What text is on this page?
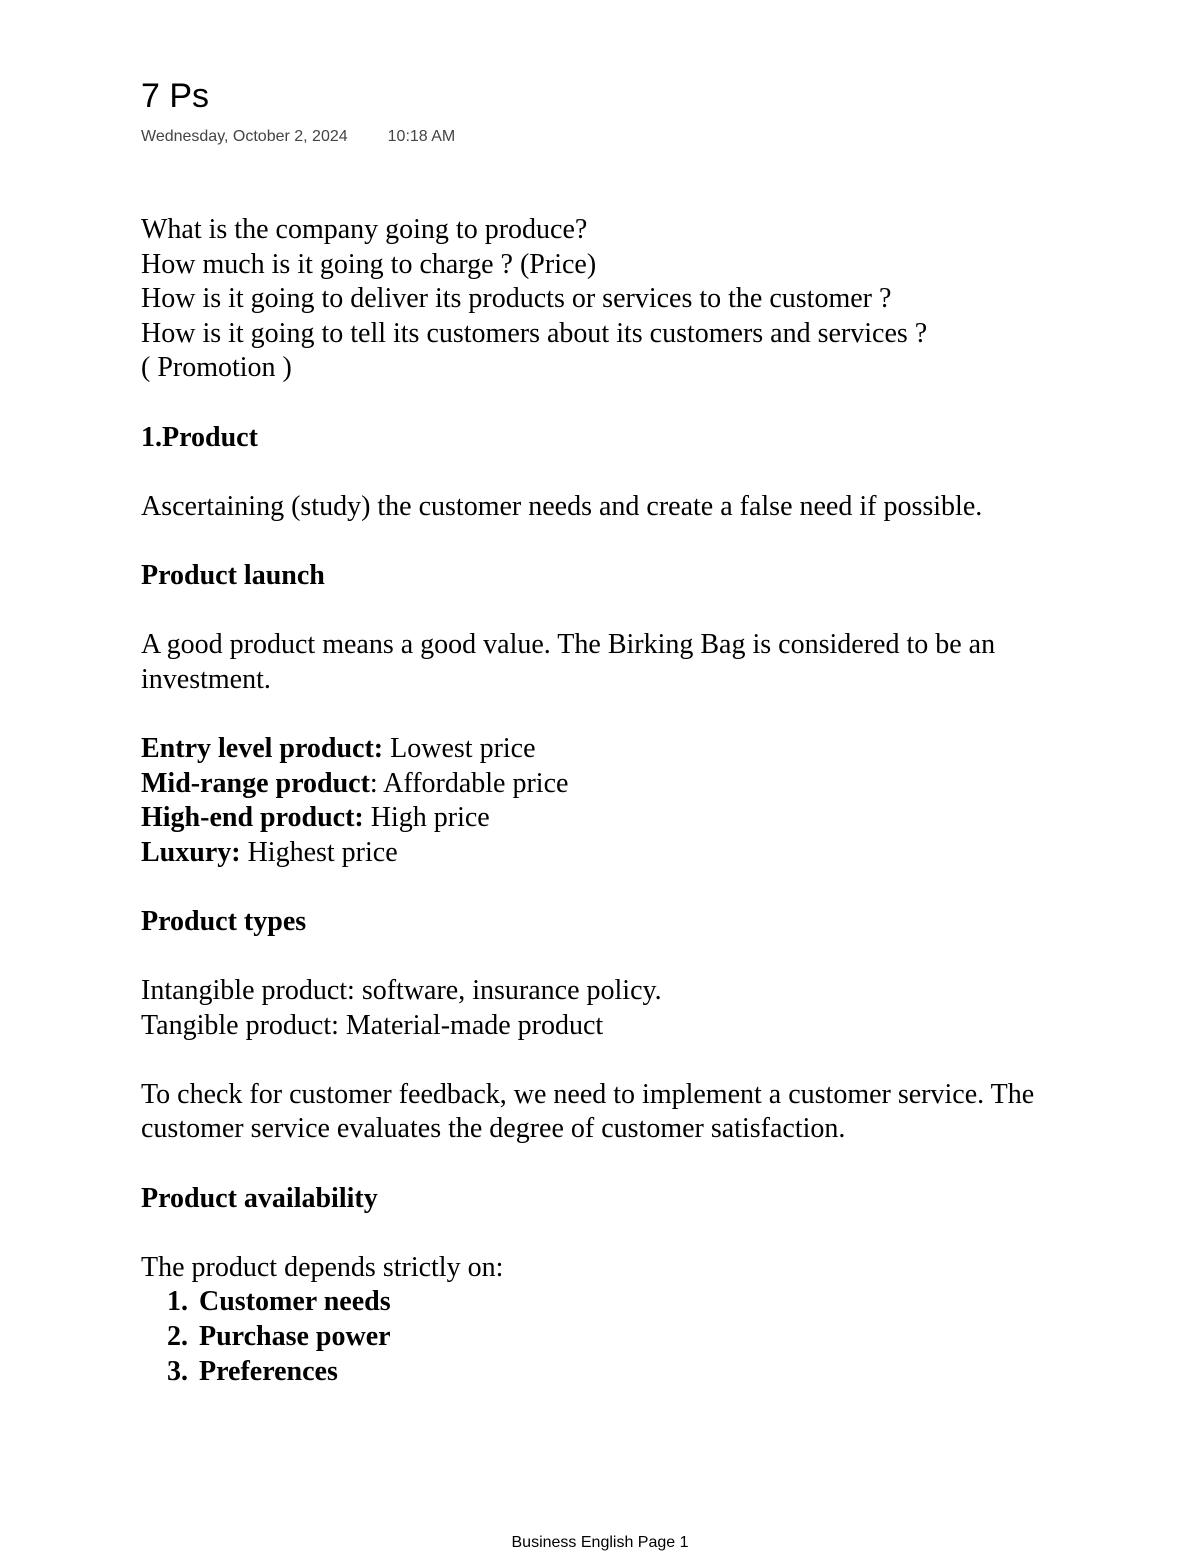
7 Ps
Wednesday, October 2, 2024	10:18 AM

What is the company going to produce?

How much is it going to charge ? (Price)

How is it going to deliver its products or services to the customer ?

How is it going to tell its customers about its customers and services ?

( Promotion )

1.Product

Ascertaining (study) the customer needs and create a false need if possible.

Product launch

A good product means a good value. The Birking Bag is considered to be an investment.

Entry level product: Lowest price

Mid-range product: Affordable price

High-end product: High price

Luxury: Highest price

Product types

Intangible product: software, insurance policy.

Tangible product: Material-made product

To check for customer feedback, we need to implement a customer service. The customer service evaluates the degree of customer satisfaction.

Product availability

The product depends strictly on:

1. Customer needs
2. Purchase power
3. Preferences
Business English Page 1
